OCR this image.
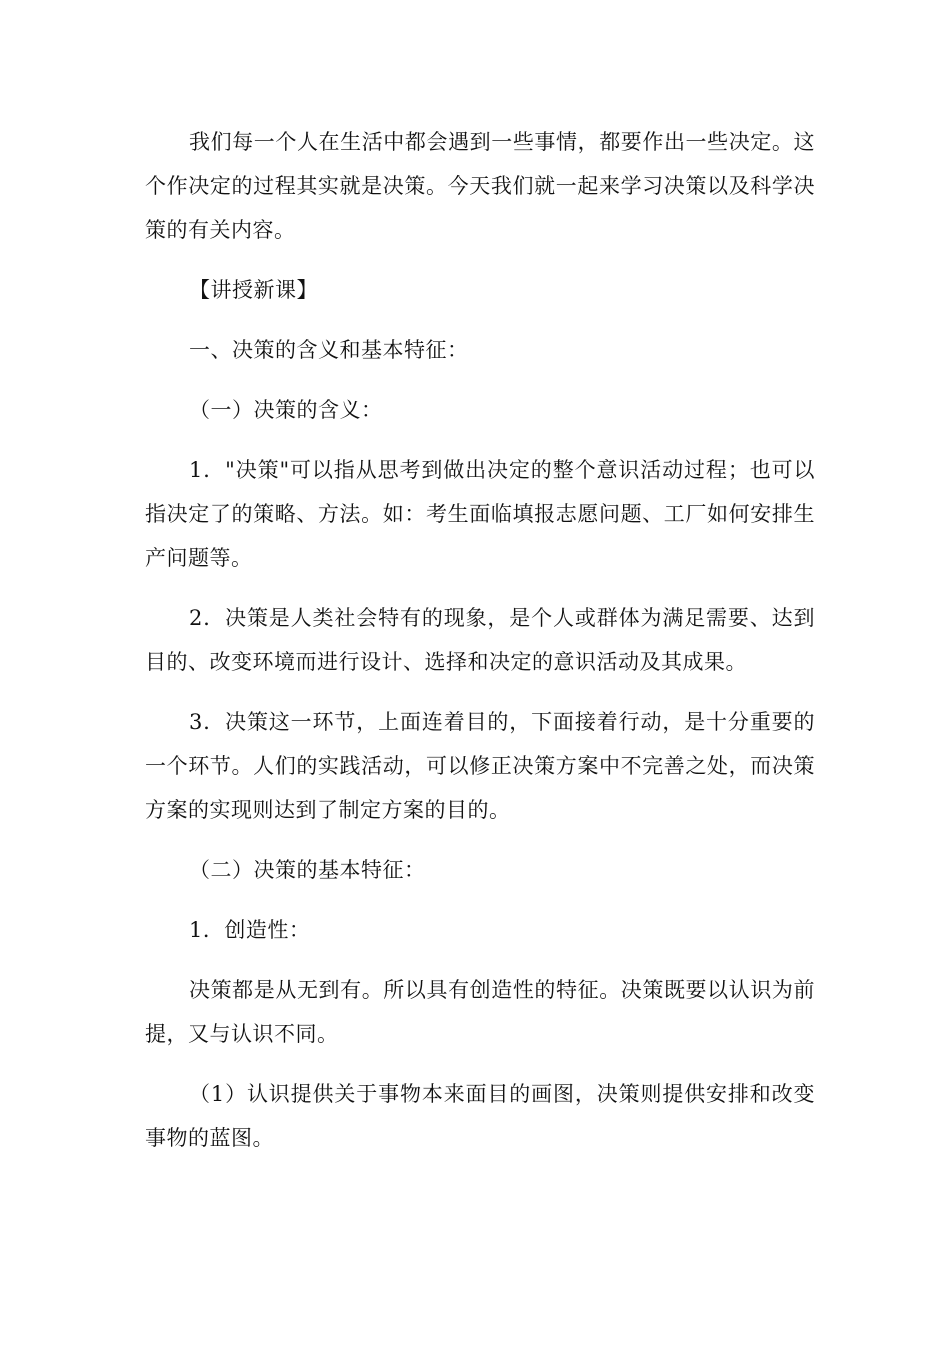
我们每一个人在生活中都会遇到一些事情，都要作出一些决定。这个作决定的过程其实就是决策。今天我们就一起来学习决策以及科学决策的有关内容。

【讲授新课】

一、决策的含义和基本特征：

（一）决策的含义：

1．"决策"可以指从思考到做出决定的整个意识活动过程；也可以指决定了的策略、方法。如：考生面临填报志愿问题、工厂如何安排生产问题等。

2．决策是人类社会特有的现象，是个人或群体为满足需要、达到目的、改变环境而进行设计、选择和决定的意识活动及其成果。

3．决策这一环节，上面连着目的，下面接着行动，是十分重要的一个环节。人们的实践活动，可以修正决策方案中不完善之处，而决策方案的实现则达到了制定方案的目的。

（二）决策的基本特征：

1．创造性：

决策都是从无到有。所以具有创造性的特征。决策既要以认识为前提，又与认识不同。

（1）认识提供关于事物本来面目的画图，决策则提供安排和改变事物的蓝图。
